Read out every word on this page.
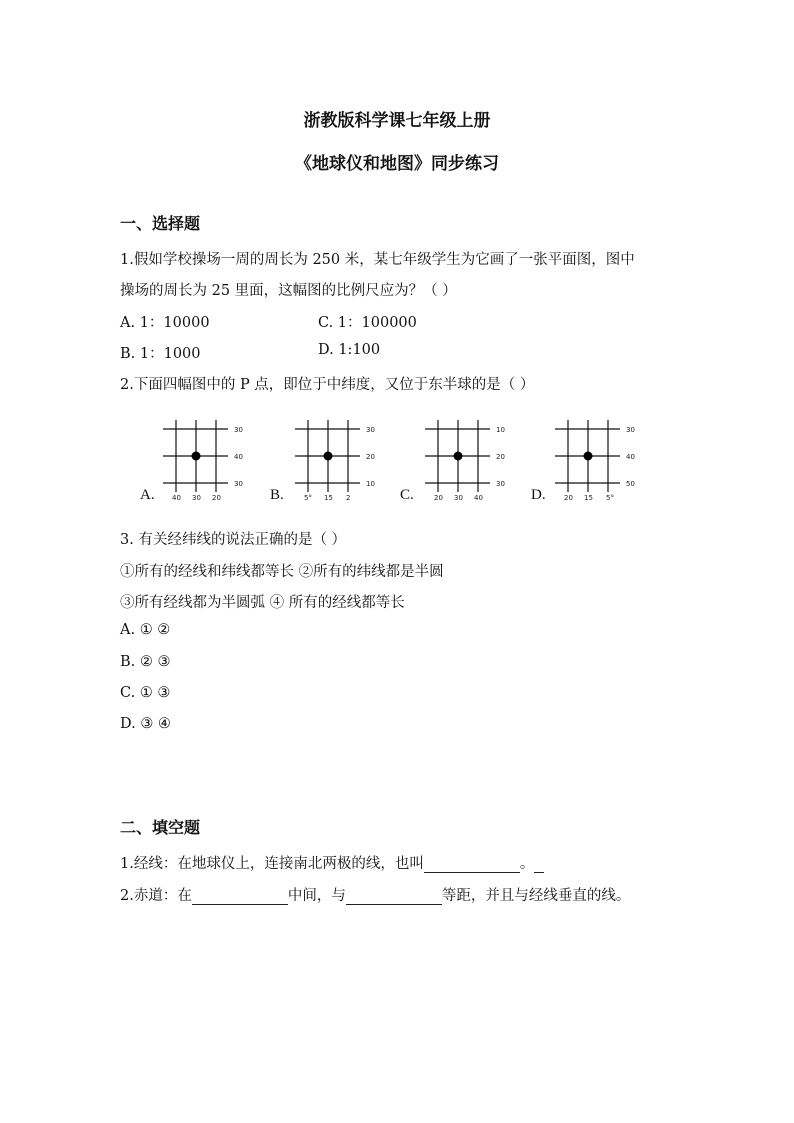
浙教版科学课七年级上册
《地球仪和地图》同步练习
一、选择题
1.假如学校操场一周的周长为 250 米，某七年级学生为它画了一张平面图，图中
操场的周长为 25 里面，这幅图的比例尺应为？（ ）
A. 1：10000	C. 1：100000
B. 1：1000	D. 1:100
2.下面四幅图中的 P 点，即位于中纬度，又位于东半球的是（ ）
30
40
30
40 30 20
A.
30
20
10
5° 15 2
B.
10
20
30
20 30 40
C.
30
40
50
20 15 5°
D.
3. 有关经纬线的说法正确的是（ ）
①所有的经线和纬线都等长 ②所有的纬线都是半圆
③所有经线都为半圆弧 ④ 所有的经线都等长
A. ① ②
B. ② ③
C. ① ③
D. ③ ④
二、填空题
1.经线：在地球仪上，连接南北两极的线，也叫	。
2.赤道：在	中间，与	等距，并且与经线垂直的线。
